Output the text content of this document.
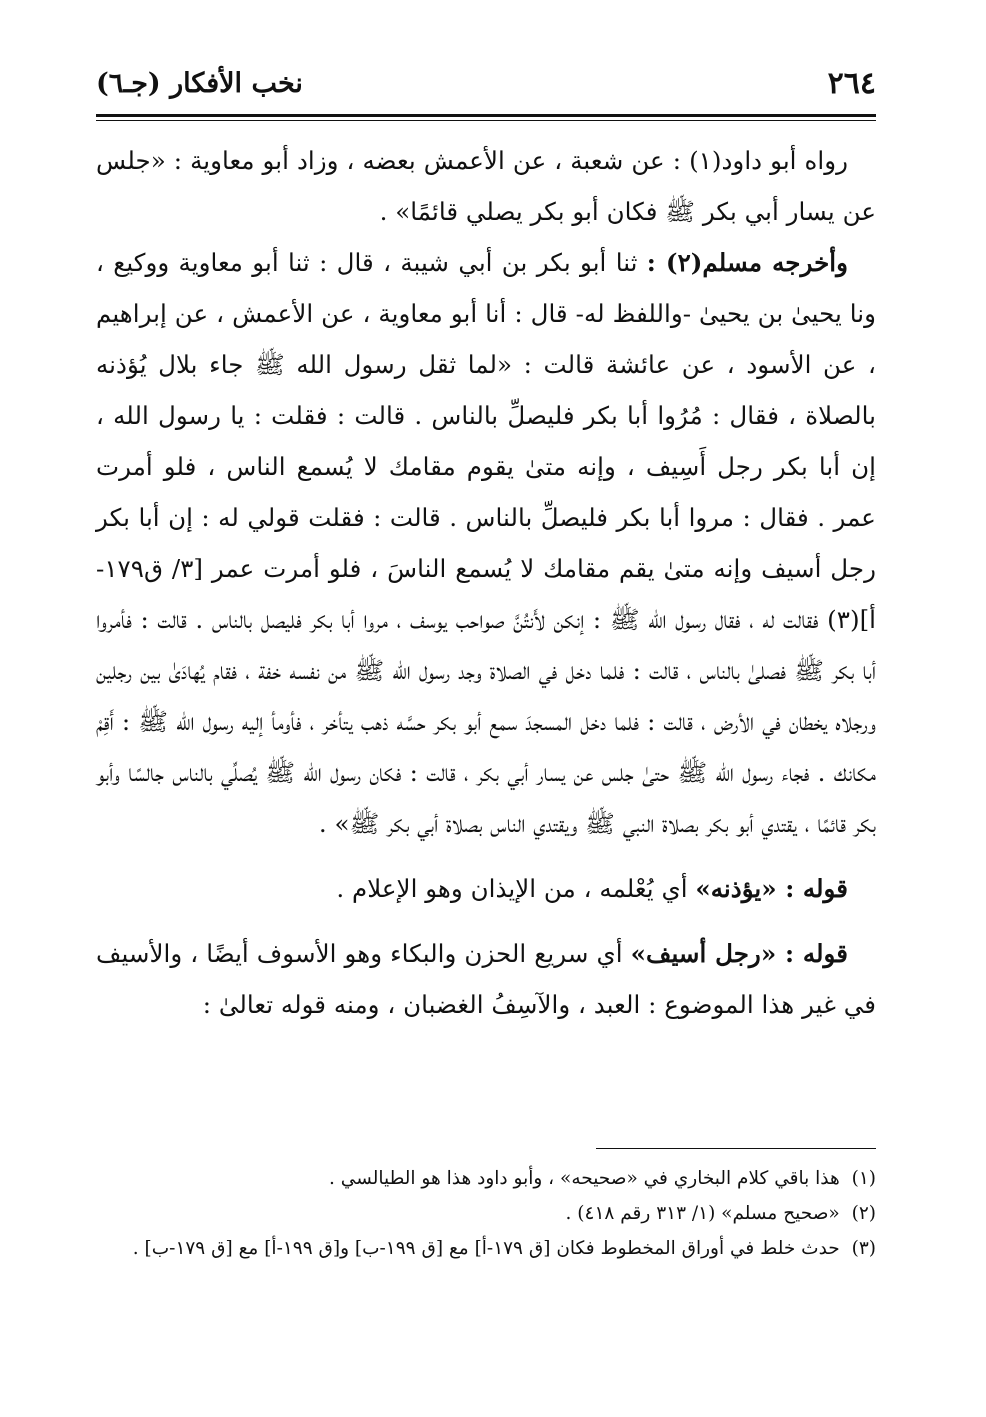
٢٦٤
نخب الأفكار (جـ٦)

رواه أبو داود(١) : عن شعبة ، عن الأعمش بعضه ، وزاد أبو معاوية : «جلس عن يسار أبي بكر ﷺ فكان أبو بكر يصلي قائمًا» .

وأخرجه مسلم(٢) : ثنا أبو بكر بن أبي شيبة ، قال : ثنا أبو معاوية ووكيع ، ونا يحيىٰ بن يحيىٰ -واللفظ له- قال : أنا أبو معاوية ، عن الأعمش ، عن إبراهيم ، عن الأسود ، عن عائشة قالت : «لما ثقل رسول الله ﷺ جاء بلال يُؤذنه بالصلاة ، فقال : مُرُوا أبا بكر فليصلِّ بالناس . قالت : فقلت : يا رسول الله ، إن أبا بكر رجل أَسِيف ، وإنه متىٰ يقوم مقامك لا يُسمع الناس ، فلو أمرت عمر . فقال : مروا أبا بكر فليصلِّ بالناس . قالت : فقلت قولي له : إن أبا بكر رجل أسيف وإنه متىٰ يقم مقامك لا يُسمع الناسَ ، فلو أمرت عمر [٣/ ق١٧٩-أ](٣) فقالت له ، فقال رسول الله ﷺ : إنكن لأَنتُنَّ صواحب يوسف ، مروا أبا بكر فليصل بالناس . قالت : فأمروا أبا بكر ﷺ فصلىٰ بالناس ، قالت : فلما دخل في الصلاة وجد رسول الله ﷺ من نفسه خفة ، فقام يُهادَىٰ بين رجلين ورجلاه يخطان في الأرض ، قالت : فلما دخل المسجدَ سمع أبو بكر حسَّه ذهب يتأخر ، فأومأ إليه رسول الله ﷺ : أَقِمْ مكانك . فجاء رسول الله ﷺ حتىٰ جلس عن يسار أبي بكر ، قالت : فكان رسول الله ﷺ يُصلِّي بالناس جالسًا وأبو بكر قائمًا ، يقتدي أبو بكر بصلاة النبي ﷺ ويقتدي الناس بصلاة أبي بكر ﷺ» .

قوله : «يؤذنه» أي يُعْلمه ، من الإيذان وهو الإعلام .

قوله : «رجل أسيف» أي سريع الحزن والبكاء وهو الأسوف أيضًا ، والأسيف في غير هذا الموضوع : العبد ، والآسِفُ الغضبان ، ومنه قوله تعالىٰ :

(١) هذا باقي كلام البخاري في «صحيحه» ، وأبو داود هذا هو الطيالسي .

(٢) «صحيح مسلم» (١/ ٣١٣ رقم ٤١٨) .

(٣) حدث خلط في أوراق المخطوط فكان [ق ١٧٩-أ] مع [ق ١٩٩-ب] و[ق ١٩٩-أ] مع [ق ١٧٩-ب] .
